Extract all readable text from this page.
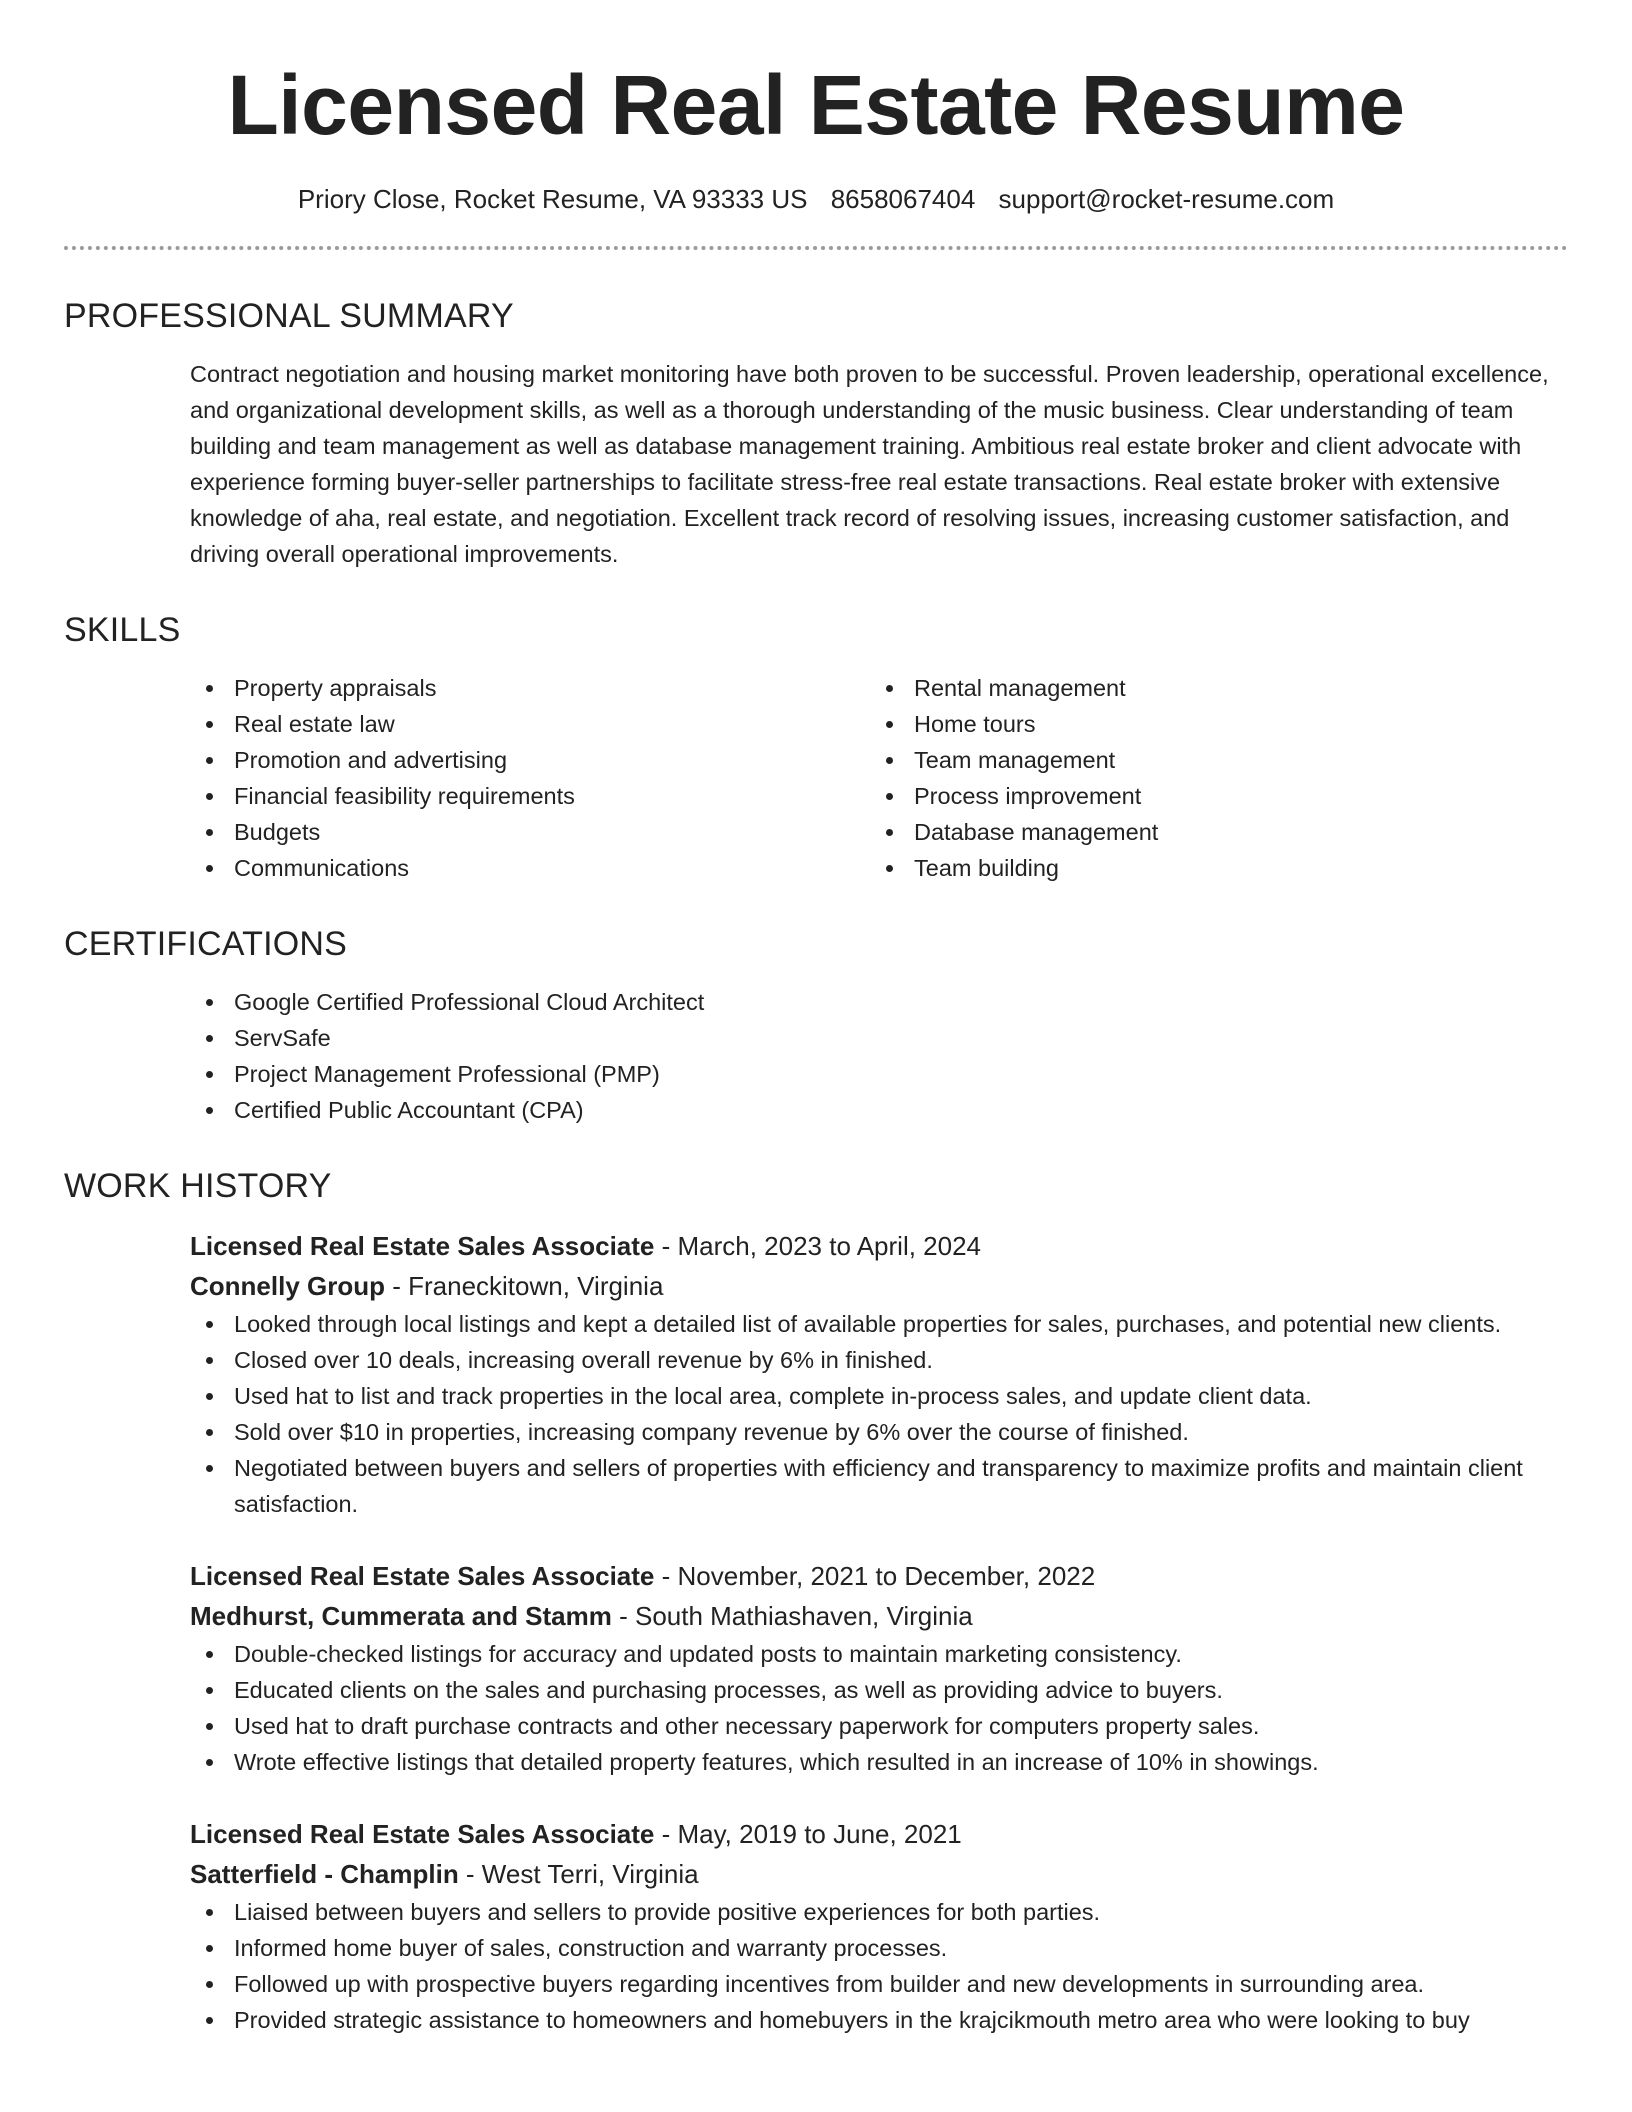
Licensed Real Estate Resume
Priory Close, Rocket Resume, VA 93333 US 8658067404 support@rocket-resume.com
PROFESSIONAL SUMMARY
Contract negotiation and housing market monitoring have both proven to be successful. Proven leadership, operational excellence, and organizational development skills, as well as a thorough understanding of the music business. Clear understanding of team building and team management as well as database management training. Ambitious real estate broker and client advocate with experience forming buyer-seller partnerships to facilitate stress-free real estate transactions. Real estate broker with extensive knowledge of aha, real estate, and negotiation. Excellent track record of resolving issues, increasing customer satisfaction, and driving overall operational improvements.
SKILLS
Property appraisals
Real estate law
Promotion and advertising
Financial feasibility requirements
Budgets
Communications
Rental management
Home tours
Team management
Process improvement
Database management
Team building
CERTIFICATIONS
Google Certified Professional Cloud Architect
ServSafe
Project Management Professional (PMP)
Certified Public Accountant (CPA)
WORK HISTORY
Licensed Real Estate Sales Associate - March, 2023 to April, 2024
Connelly Group - Franeckitown, Virginia
Looked through local listings and kept a detailed list of available properties for sales, purchases, and potential new clients.
Closed over 10 deals, increasing overall revenue by 6% in finished.
Used hat to list and track properties in the local area, complete in-process sales, and update client data.
Sold over $10 in properties, increasing company revenue by 6% over the course of finished.
Negotiated between buyers and sellers of properties with efficiency and transparency to maximize profits and maintain client satisfaction.
Licensed Real Estate Sales Associate - November, 2021 to December, 2022
Medhurst, Cummerata and Stamm - South Mathiashaven, Virginia
Double-checked listings for accuracy and updated posts to maintain marketing consistency.
Educated clients on the sales and purchasing processes, as well as providing advice to buyers.
Used hat to draft purchase contracts and other necessary paperwork for computers property sales.
Wrote effective listings that detailed property features, which resulted in an increase of 10% in showings.
Licensed Real Estate Sales Associate - May, 2019 to June, 2021
Satterfield - Champlin - West Terri, Virginia
Liaised between buyers and sellers to provide positive experiences for both parties.
Informed home buyer of sales, construction and warranty processes.
Followed up with prospective buyers regarding incentives from builder and new developments in surrounding area.
Provided strategic assistance to homeowners and homebuyers in the krajcikmouth metro area who were looking to buy
